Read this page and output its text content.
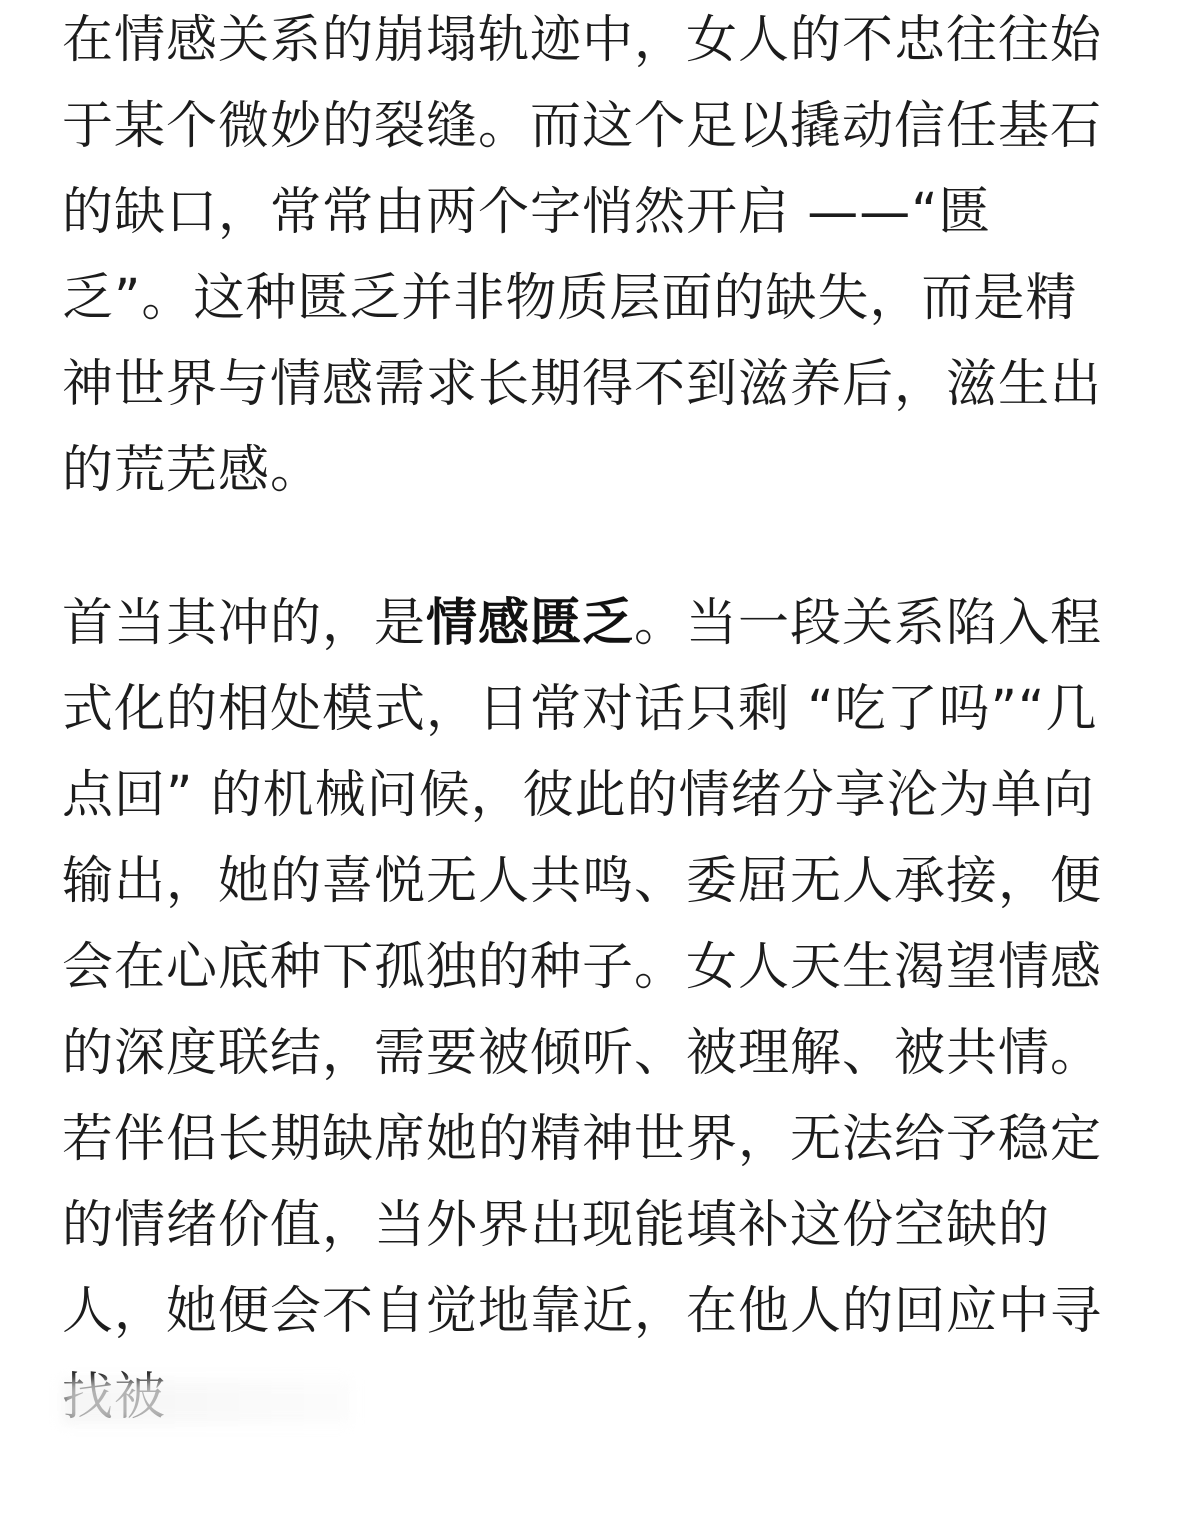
在情感关系的崩塌轨迹中，女人的不忠往往始于某个微妙的裂缝。而这个足以撬动信任基石的缺口，常常由两个字悄然开启 ——“匮乏”。这种匮乏并非物质层面的缺失，而是精神世界与情感需求长期得不到滋养后，滋生出的荒芜感。

首当其冲的，是情感匮乏。当一段关系陷入程式化的相处模式，日常对话只剩 “吃了吗”“几点回” 的机械问候，彼此的情绪分享沦为单向输出，她的喜悦无人共鸣、委屈无人承接，便会在心底种下孤独的种子。女人天生渴望情感的深度联结，需要被倾听、被理解、被共情。若伴侣长期缺席她的精神世界，无法给予稳定的情绪价值，当外界出现能填补这份空缺的人，她便会不自觉地靠近，在他人的回应中寻
